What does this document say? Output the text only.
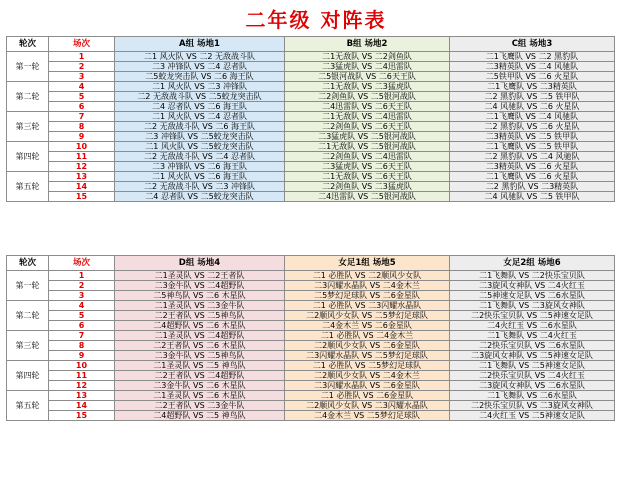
二年级 对阵表
轮次	场次	A组 场地1	B组 场地2	C组 场地3
第一轮	1	二1 风火队 VS 二2 无敌战斗队	二1无敌队 VS 二2剑鱼队	二1飞鹰队 VS 二2 黑豹队
	2	二3 冲锋队 VS 二4 忍者队	二3猛虎队 VS 二4迅雷队	二3精英队 VS 二4 风驰队
	3	二5蛟龙突击队 VS 二6 海王队	二5银河战队 VS 二6天王队	二5铁甲队 VS 二6 火星队
第二轮	4	二1 风火队 VS 二3 冲锋队	二1无敌队 VS 二3猛虎队	二1飞鹰队 VS 二3精英队
	5	二2 无敌战斗队 VS 二5蛟龙突击队	二2剑鱼队 VS 二5银河战队	二2 黑豹队 VS 二5 铁甲队
	6	二4 忍者队 VS 二6 海王队	二4迅雷队 VS 二6天王队	二4 风驰队 VS 二6 火星队
第三轮	7	二1 风火队 VS 二4 忍者队	二1无敌队 VS 二4迅雷队	二1飞鹰队 VS 二4 风驰队
	8	二2 无敌战斗队 VS 二6 海王队	二2剑鱼队 VS 二6天王队	二2 黑豹队 VS 二6 火星队
	9	二3 冲锋队 VS 二5蛟龙突击队	二3猛虎队 VS 二5银河战队	二3精英队 VS 二5 铁甲队
第四轮	10	二1 风火队 VS 二5蛟龙突击队	二1无敌队 VS 二5银河战队	二1飞鹰队 VS 二5 铁甲队
	11	二2 无敌战斗队 VS 二4 忍者队	二2剑鱼队 VS 二4迅雷队	二2 黑豹队 VS 二4 风驰队
	12	二3 冲锋队 VS 二6 海王队	二3猛虎队 VS 二6天王队	二3精英队 VS 二6 火星队
第五轮	13	二1 风火队 VS 二6 海王队	二1无敌队 VS 二6天王队	二1飞鹰队 VS 二6 火星队
	14	二2 无敌战斗队 VS 二3 冲锋队	二2剑鱼队 VS 二3猛虎队	二2 黑豹队 VS 二3精英队
	15	二4 忍者队 VS 二5蛟龙突击队	二4迅雷队 VS 二5银河战队	二4 风驰队 VS 二5 铁甲队
轮次	场次	D组 场地4	女足1组 场地5	女足2组 场地6
第一轮	1	二1圣灵队 VS 二2王者队	二1 必胜队 VS 二2顺风少女队	二1飞舞队 VS 二2快乐宝贝队
	2	二3金牛队 VS 二4超野队	二3闪耀水晶队 VS 二4金木兰	二3旋风女神队 VS 二4火红玉
	3	二5神鸟队 VS 二6 木星队	二5梦幻足球队 VS 二6金星队	二5神速女足队 VS 二6水星队
第二轮	4	二1圣灵队 VS 二3金牛队	二1 必胜队 VS 二3闪耀水晶队	二1飞舞队 VS 二3旋风女神队
	5	二2王者队 VS 二5神鸟队	二2顺风少女队 VS 二5梦幻足球队	二2快乐宝贝队 VS 二5神速女足队
	6	二4超野队 VS 二6 木星队	二4金木兰 VS 二6金星队	二4火红玉 VS 二6水星队
第三轮	7	二1圣灵队 VS 二4超野队	二1 必胜队 VS 二4金木兰	二1飞舞队 VS 二4火红玉
	8	二2王者队 VS 二6 木星队	二2顺风少女队 VS 二6金星队	二2快乐宝贝队 VS 二6水星队
	9	二3金牛队 VS 二5神鸟队	二3闪耀水晶队 VS 二5梦幻足球队	二3旋风女神队 VS 二5神速女足队
第四轮	10	二1圣灵队 VS 二5 神鸟队	二1 必胜队 VS 二5梦幻足球队	二1飞舞队 VS 二5神速女足队
	11	二2王者队 VS 二4超野队	二2顺风少女队 VS 二4金木兰	二2快乐宝贝队 VS 二4火红玉
	12	二3金牛队 VS 二6 木星队	二3闪耀水晶队 VS 二6金星队	二3旋风女神队 VS 二6水星队
第五轮	13	二1圣灵队 VS 二6 木星队	二1 必胜队 VS 二6金星队	二1飞舞队 VS 二6水星队
	14	二2王者队 VS 二3金牛队	二2顺风少女队 VS 二3闪耀水晶队	二2快乐宝贝队 VS 二3旋风女神队
	15	二4超野队 VS 二5 神鸟队	二4金木兰 VS 二5梦幻足球队	二4火红玉 VS 二5神速女足队
